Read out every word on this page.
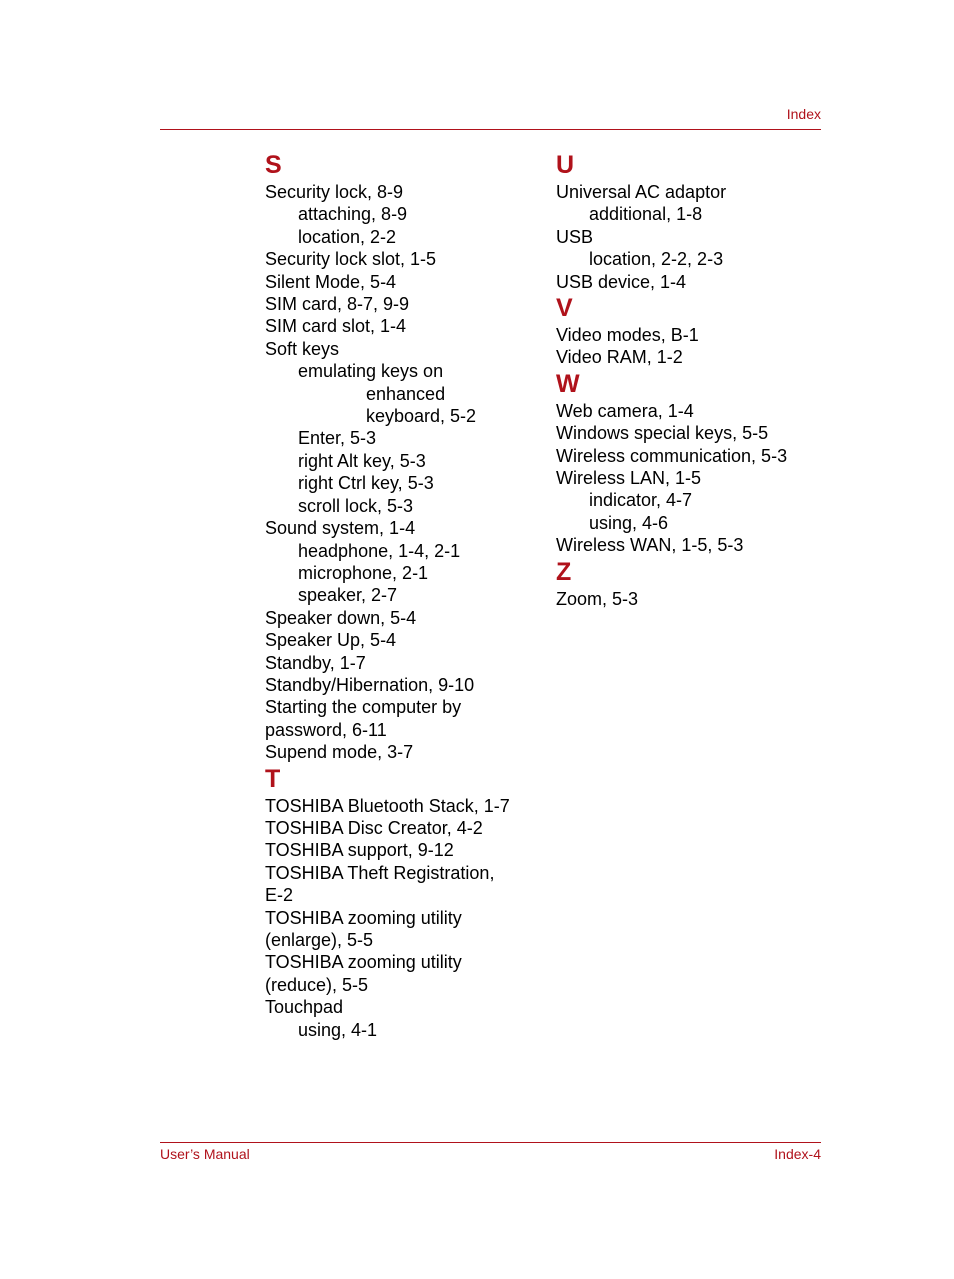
Index
S
Security lock, 8-9
attaching, 8-9
location, 2-2
Security lock slot, 1-5
Silent Mode, 5-4
SIM card, 8-7, 9-9
SIM card slot, 1-4
Soft keys
emulating keys on
enhanced
keyboard, 5-2
Enter, 5-3
right Alt key, 5-3
right Ctrl key, 5-3
scroll lock, 5-3
Sound system, 1-4
headphone, 1-4, 2-1
microphone, 2-1
speaker, 2-7
Speaker down, 5-4
Speaker Up, 5-4
Standby, 1-7
Standby/Hibernation, 9-10
Starting the computer by
password, 6-11
Supend mode, 3-7
T
TOSHIBA Bluetooth Stack, 1-7
TOSHIBA Disc Creator, 4-2
TOSHIBA support, 9-12
TOSHIBA Theft Registration,
E-2
TOSHIBA zooming utility
(enlarge), 5-5
TOSHIBA zooming utility
(reduce), 5-5
Touchpad
using, 4-1
U
Universal AC adaptor
additional, 1-8
USB
location, 2-2, 2-3
USB device, 1-4
V
Video modes, B-1
Video RAM, 1-2
W
Web camera, 1-4
Windows special keys, 5-5
Wireless communication, 5-3
Wireless LAN, 1-5
indicator, 4-7
using, 4-6
Wireless WAN, 1-5, 5-3
Z
Zoom, 5-3
User’s Manual	Index-4
